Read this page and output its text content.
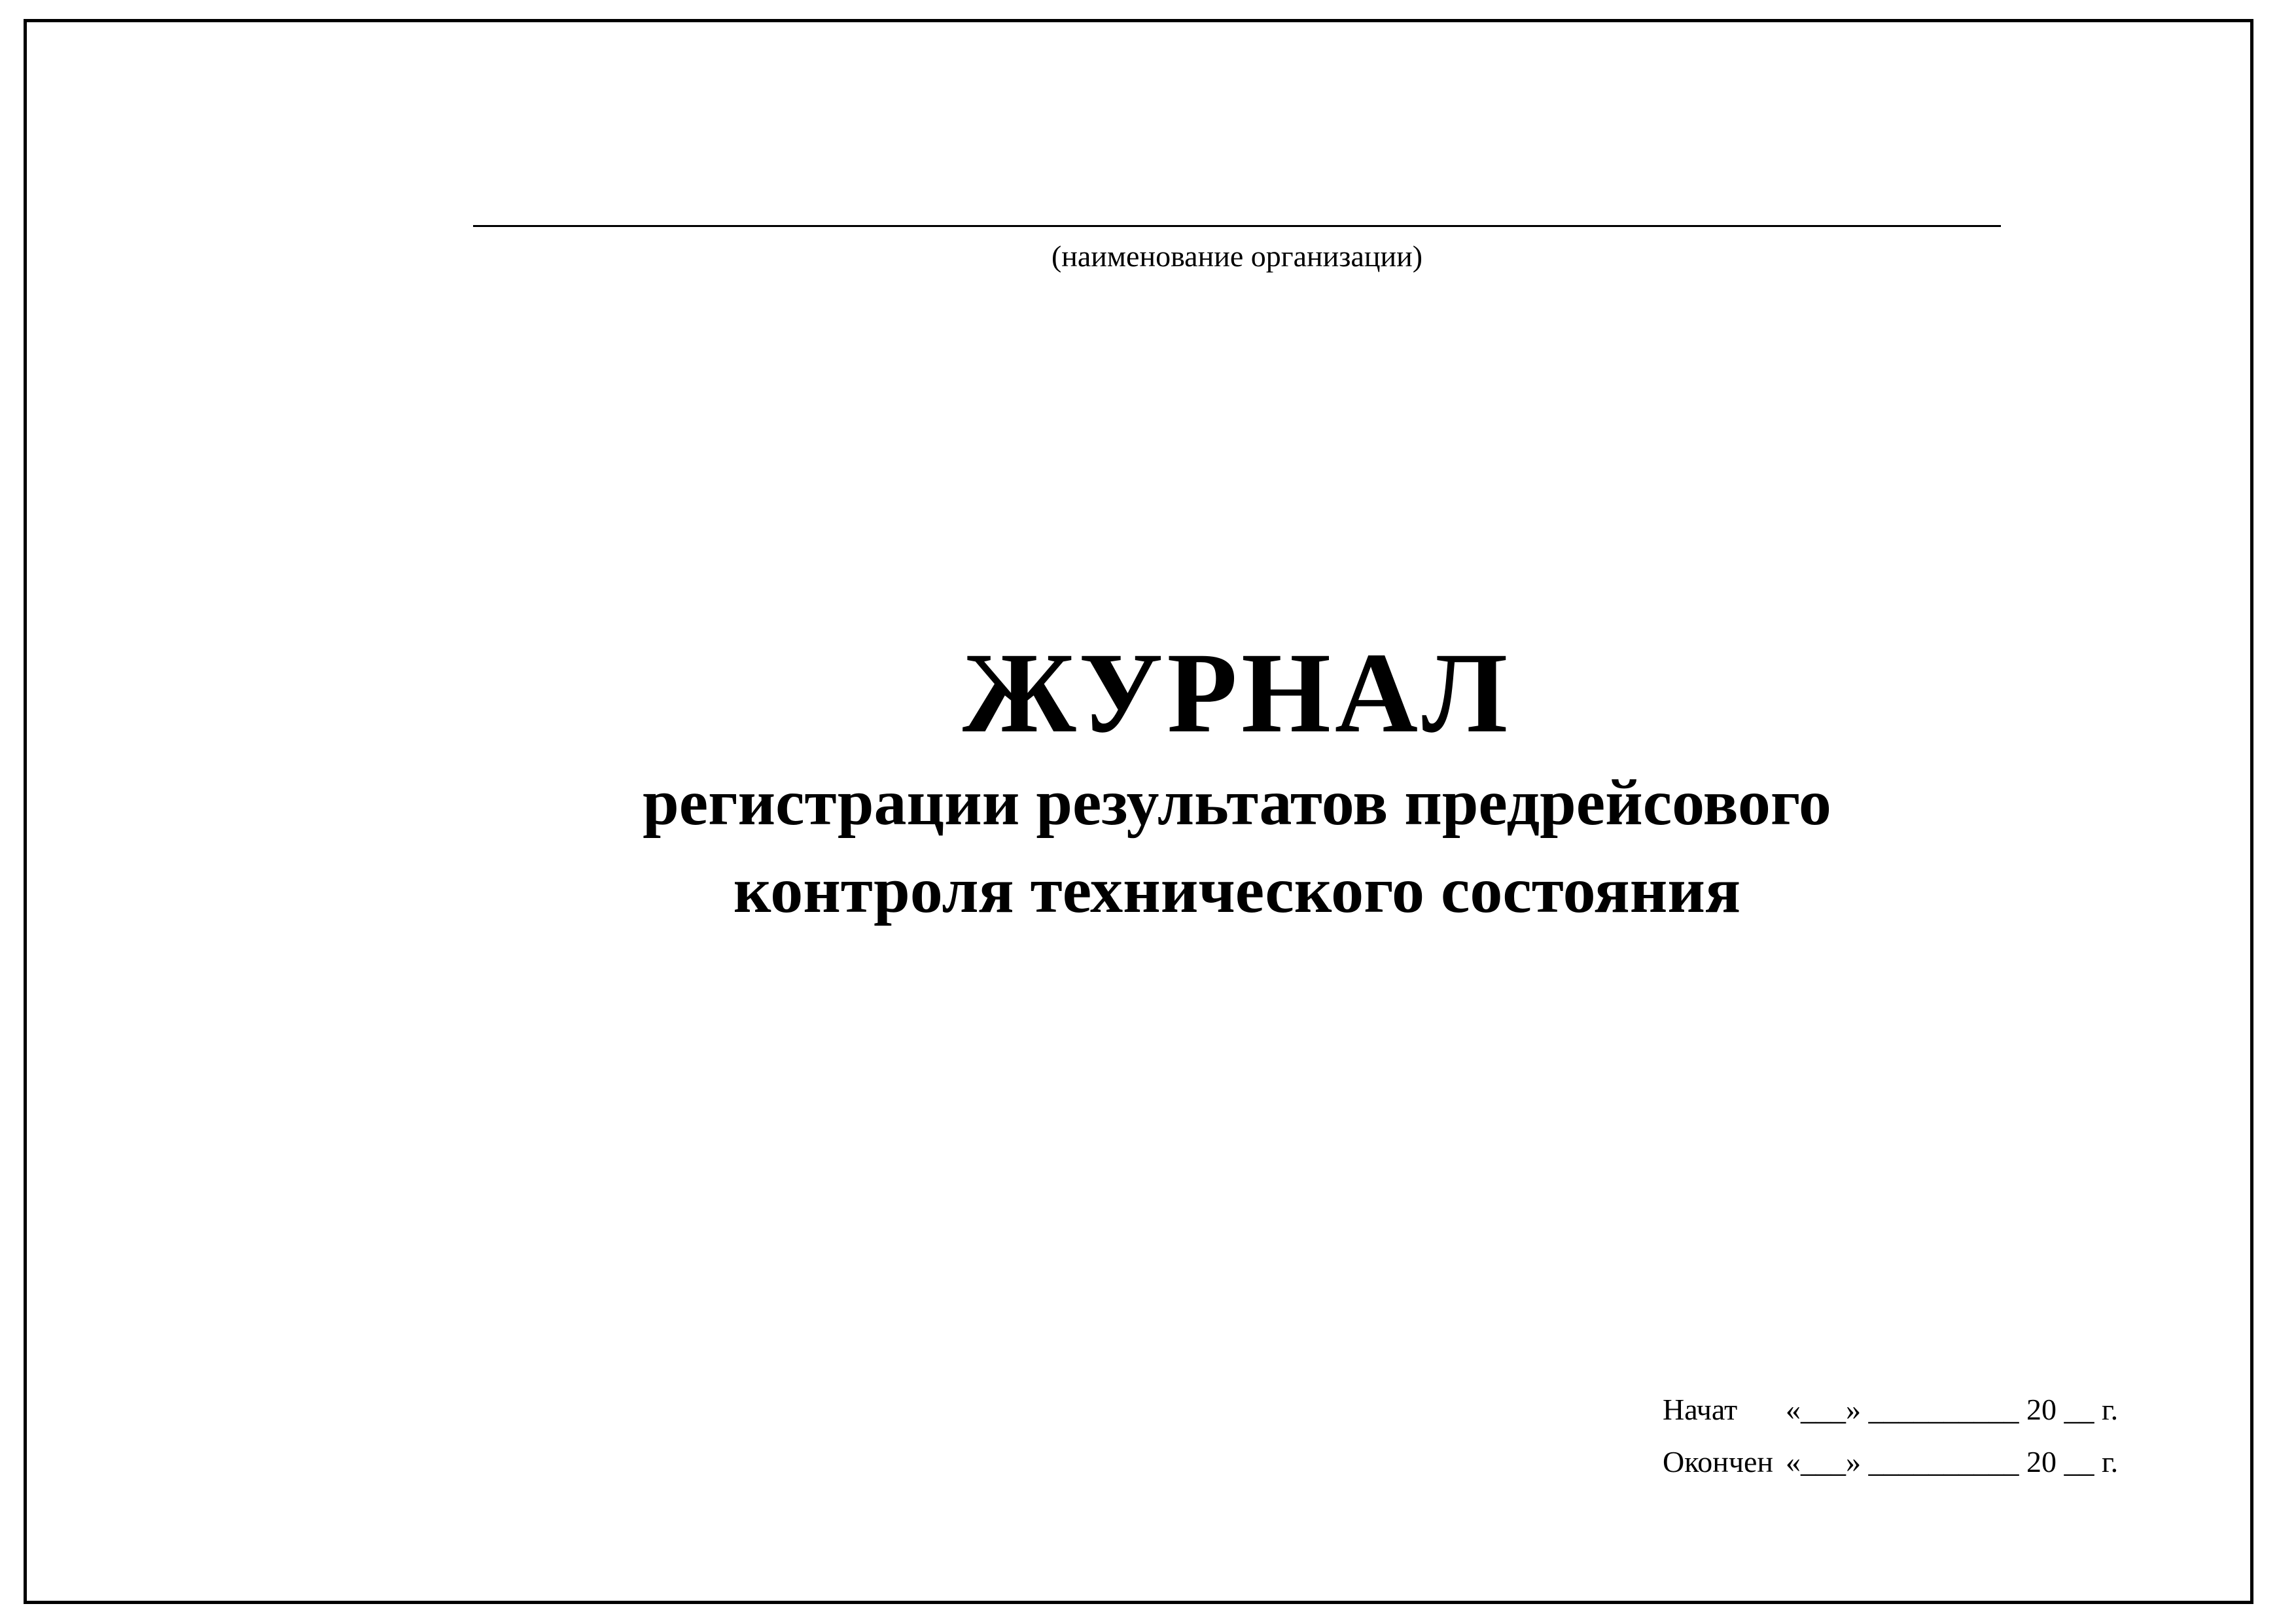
(наименование организации)
ЖУРНАЛ
регистрации результатов предрейсового
контроля технического состояния
Начат	«___» __________ 20 __ г.
Окончен «___» __________ 20 __ г.
